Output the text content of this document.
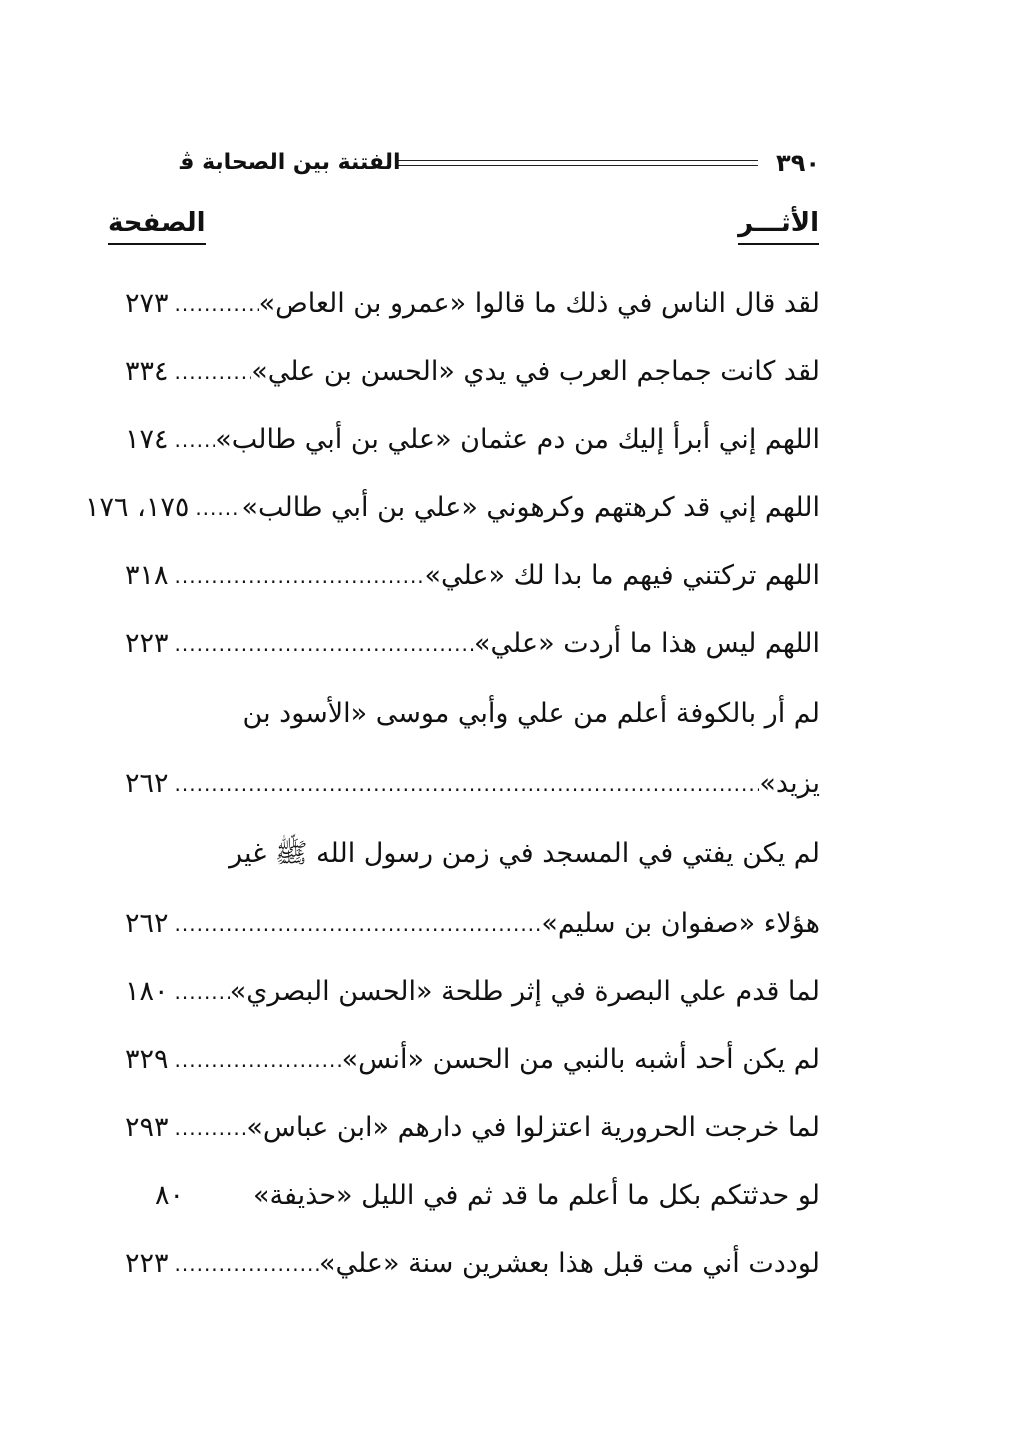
٣٩٠
الفتنة بين الصحابة ﭬ
الأثـــر
الصفحة
لقد قال الناس في ذلك ما قالوا «عمرو بن العاص»
.....
٢٧٣
لقد كانت جماجم العرب في يدي «الحسن بن علي»
.....
٣٣٤
اللهم إني أبرأ إليك من دم عثمان «علي بن أبي طالب»
.....
١٧٤
اللهم إني قد كرهتهم وكرهوني «علي بن أبي طالب»
.....
١٧٥، ١٧٦
اللهم تركتني فيهم ما بدا لك «علي»
.....
٣١٨
اللهم ليس هذا ما أردت «علي»
.....
٢٢٣
لم أر بالكوفة أعلم من علي وأبي موسى «الأسود بن
يزيد»
.....
٢٦٢
لم يكن يفتي في المسجد في زمن رسول الله ﷺ غير
هؤلاء «صفوان بن سليم»
.....
٢٦٢
لما قدم علي البصرة في إثر طلحة «الحسن البصري»
.....
١٨٠
لم يكن أحد أشبه بالنبي من الحسن «أنس»
.....
٣٢٩
لما خرجت الحرورية اعتزلوا في دارهم «ابن عباس»
.....
٢٩٣
لو حدثتكم بكل ما أعلم ما قد ثم في الليل «حذيفة»
٨٠
لوددت أني مت قبل هذا بعشرين سنة «علي»
.....
٢٢٣
